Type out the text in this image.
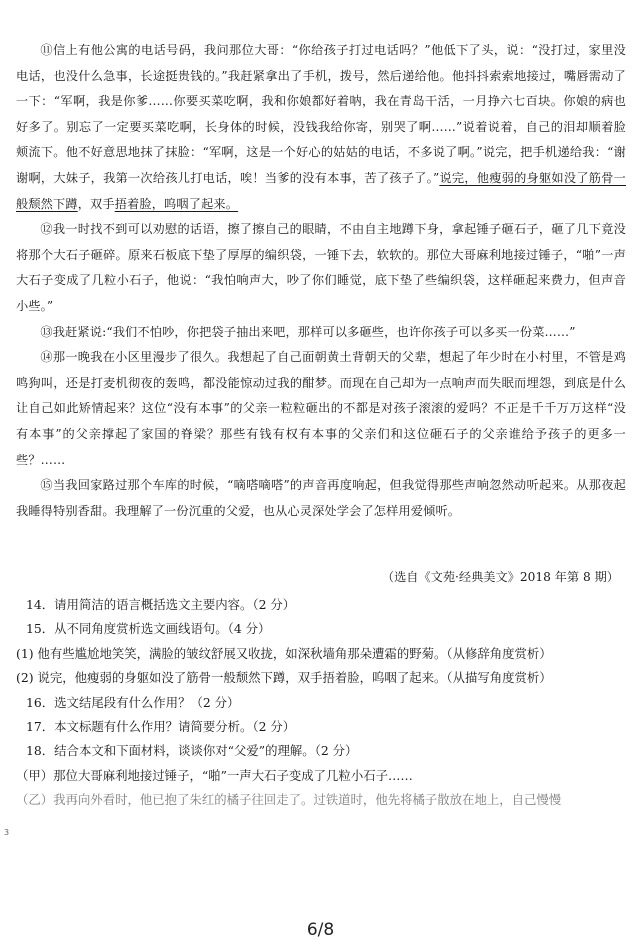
⑪信上有他公寓的电话号码，我问那位大哥：“你给孩子打过电话吗？”他低下了头，说：“没打过，家里没电话，也没什么急事，长途挺贵钱的。”我赶紧拿出了手机，拨号，然后递给他。他抖抖索索地接过，嘴唇需动了一下：“军啊，我是你爹……你要买菜吃啊，我和你娘都好着呐，我在青岛干活，一月挣六七百块。你娘的病也好多了。别忘了一定要买菜吃啊，长身体的时候，没钱我给你寄，别哭了啊……”说着说着，自己的泪却顺着脸颊流下。他不好意思地抹了抹脸：“军啊，这是一个好心的姑姑的电话，不多说了啊。”说完，把手机递给我：“谢谢啊，大妹子，我第一次给孩儿打电话，唉！当爹的没有本事，苦了孩子了。”说完，他瘦弱的身躯如没了筋骨一般颓然下蹲，双手捂着脸，呜咽了起来。

⑫我一时找不到可以劝慰的话语，擦了擦自己的眼睛，不由自主地蹲下身，拿起锤子砸石子，砸了几下竟没将那个大石子砸碎。原来石板底下垫了厚厚的编织袋，一锤下去，软软的。那位大哥麻利地接过锤子，“啪”一声大石子变成了几粒小石子，他说：“我怕响声大，吵了你们睡觉，底下垫了些编织袋，这样砸起来费力，但声音小些。”

⑬我赶紧说:“我们不怕吵，你把袋子抽出来吧，那样可以多砸些，也许你孩子可以多买一份菜……”

⑭那一晚我在小区里漫步了很久。我想起了自己面朝黄土背朝天的父辈，想起了年少时在小村里，不管是鸡鸣狗叫，还是打麦机彻夜的轰鸣，都没能惊动过我的酣梦。而现在自己却为一点响声而失眠而埋怨，到底是什么让自己如此矫情起来？这位“没有本事”的父亲一粒粒砸出的不都是对孩子滚滚的爱吗？不正是千千万万这样“没有本事”的父亲撑起了家国的脊梁？那些有钱有权有本事的父亲们和这位砸石子的父亲谁给予孩子的更多一些？……

⑮当我回家路过那个车库的时候，“嘀嗒嘀嗒”的声音再度响起，但我觉得那些声响忽然动听起来。从那夜起我睡得特别香甜。我理解了一份沉重的父爱，也从心灵深处学会了怎样用爱倾听。

（选自《文苑·经典美文》2018 年第 8 期）

14．请用简洁的语言概括选文主要内容。（2 分）

15．从不同角度赏析选文画线语句。（4 分）

(1) 他有些尴尬地笑笑，满脸的皱纹舒展又收拢，如深秋墙角那朵遭霜的野菊。（从修辞角度赏析）

(2) 说完，他瘦弱的身躯如没了筋骨一般颓然下蹲，双手捂着脸，呜咽了起来。（从描写角度赏析）

16．选文结尾段有什么作用？（2 分）

17．本文标题有什么作用？请简要分析。（2 分）

18．结合本文和下面材料，谈谈你对“父爱”的理解。（2 分）

（甲）那位大哥麻利地接过锤子，“啪”一声大石子变成了几粒小石子……

（乙）我再向外看时，他已抱了朱红的橘子往回走了。过铁道时，他先将橘子散放在地上，自己慢慢

3
6/8
